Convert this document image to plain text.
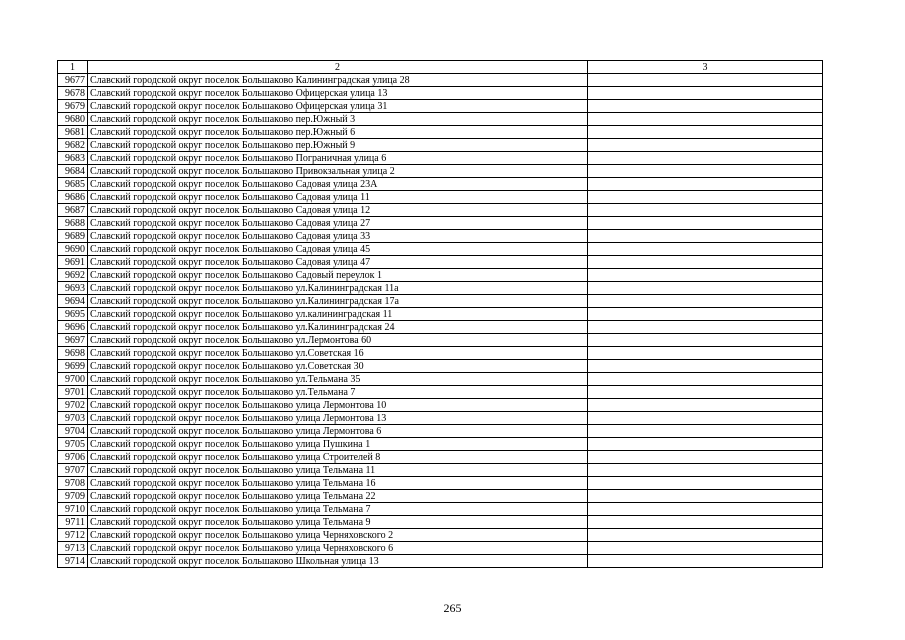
1	2	3
9677	Славский городской округ поселок Большаково Калининградская улица 28	
9678	Славский городской округ поселок Большаково Офицерская улица 13	
9679	Славский городской округ поселок Большаково Офицерская улица 31	
9680	Славский городской округ поселок Большаково пер.Южный 3	
9681	Славский городской округ поселок Большаково пер.Южный 6	
9682	Славский городской округ поселок Большаково пер.Южный 9	
9683	Славский городской округ поселок Большаково Пограничная улица 6	
9684	Славский городской округ поселок Большаково Привокзальная улица 2	
9685	Славский городской округ поселок Большаково Садовая улица 23А	
9686	Славский городской округ поселок Большаково Садовая улица 11	
9687	Славский городской округ поселок Большаково Садовая улица 12	
9688	Славский городской округ поселок Большаково Садовая улица 27	
9689	Славский городской округ поселок Большаково Садовая улица 33	
9690	Славский городской округ поселок Большаково Садовая улица 45	
9691	Славский городской округ поселок Большаково Садовая улица 47	
9692	Славский городской округ поселок Большаково Садовый переулок 1	
9693	Славский городской округ поселок Большаково ул.Калининградская 11а	
9694	Славский городской округ поселок Большаково ул.Калининградская 17а	
9695	Славский городской округ поселок Большаково ул.калининградская 11	
9696	Славский городской округ поселок Большаково ул.Калининградская 24	
9697	Славский городской округ поселок Большаково ул.Лермонтова 60	
9698	Славский городской округ поселок Большаково ул.Советская 16	
9699	Славский городской округ поселок Большаково ул.Советская 30	
9700	Славский городской округ поселок Большаково ул.Тельмана 35	
9701	Славский городской округ поселок Большаково ул.Тельмана 7	
9702	Славский городской округ поселок Большаково улица Лермонтова 10	
9703	Славский городской округ поселок Большаково улица Лермонтова 13	
9704	Славский городской округ поселок Большаково улица Лермонтова 6	
9705	Славский городской округ поселок Большаково улица Пушкина 1	
9706	Славский городской округ поселок Большаково улица Строителей 8	
9707	Славский городской округ поселок Большаково улица Тельмана 11	
9708	Славский городской округ поселок Большаково улица Тельмана 16	
9709	Славский городской округ поселок Большаково улица Тельмана 22	
9710	Славский городской округ поселок Большаково улица Тельмана 7	
9711	Славский городской округ поселок Большаково улица Тельмана 9	
9712	Славский городской округ поселок Большаково улица Черняховского 2	
9713	Славский городской округ поселок Большаково улица Черняховского 6	
9714	Славский городской округ поселок Большаково Школьная улица 13	
265
